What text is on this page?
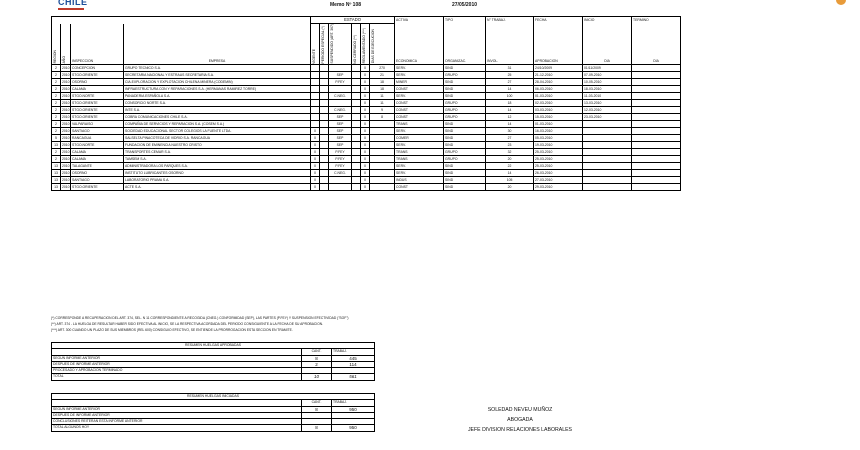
CHILE	Memo Nº 108	27/05/2010
				ESTADO						ACTIVA	TIPO	N° TRABAJ.	FECHA	INICIO	TERMINO	

REGION	AÑO	INSPECCION	EMPRESA	VIGENTE	PERIODO ESPECIAL (*)	SUSPENDIDO (ART. 367)	NO CERRADO (**)	REGLAMENTADO (***)	DIAS DE EJECUCION	ECONOMICA	ORGANIZAC.	INVOL.	APROBACION	DIA	DIA	
2	2010	CONCEPCION	GRUPO TECNICO S.A.					X	270	SERV.	SIND	31	24/10/2009	01/11/2009		
2	2010	STGO.ORIENTE	SECRETARIA NACIONAL Y ESTRAUS SECRETARIA S.A.			SEP		X	21	SERV.	GRUPO	25	21-12-2010	07-09-2010		
2	2010	OSORNO	CIA.EXPLORACION Y EXPLOTACION CHILENA MINERA (CODEMIN)			P.FEY		X	18	MINER	SIND	27	28-04-2010	10-05-2010		
2	2010	CALAMA	INFRAESTRUCTURA CON Y REPARACIONES S.A. (HERMANAS RAMIREZ TORRE)					X	18	CONST	SIND	14	06-03-2010	18-03-2010		
2	2010	STGO.NORTE	PANADERIA ESPAÑOLA S.A.			C.NEG.		X	11	SERV.	SIND	100	01-03-2010	11-03-2010		
2	2010	STGO.ORIENTE	CONSORCIO NORTE S.A.					X	11	CONST	GRUPO	18	02-03-2010	13-03-2010		
2	2010	STGO.ORIENTE	INTE S.A.			C.NEG.		X	9	CONST	GRUPO	14	03-03-2010	12-03-2010		
2	2010	STGO.ORIENTE	COBRA COMUNICACIONES CHILE S.A.			SEP		X	8	CONST	GRUPO	12	15-03-2010	23-03-2010		
2	2010	VALPARAISO	COMPAÑIA DE SERVICIOS Y REPARACION S.A. (COSEM S.A.)			SEP		X		TRANS	SIND	14	01-03-2010			
2	2010	SANTIAGO	SOCIEDAD EDUCACIONAL SECTOR COLEGIOS LA FUENTE LTDA.	X		SEP		X		SERV.	SIND	30	16-03-2010			
5	2010	RANCAGUA	SALSELTA PINACOTECA DE VIDRIO S.A. RANCAGUA	X		SEP		X		COMER	SIND	27	05-03-2010			
13	2010	STGO.NORTE	FUNDACION DE EMINENCIA NUESTRO CRISTO	X		SEP		X		SERV.	SIND	23	19-03-2010			
2	2010	CALAMA	TRANSPORTES CEMAR S.A.	X		P.FEY		X		TRANS	GRUPO	32	25-03-2010			
2	2010	CALAMA	TAMSEM S.A.	X		P.FEY		X		TRANS	GRUPO	20	25-03-2010			
13	2010	TALAGANTE	ADMINISTRADORA LOS PARQUES S.A.	X		P.FEY		X		SERV.	SIND	22	25-03-2010			
13	2010	OSORNO	INSTITUTO LUBRICANTES OSORNO	X		C.NEG.		X		SERV.	SIND	14	26-03-2010			
13	2010	SANTIAGO	LABORATORIO PRAMA S.A.	X				X		INDUS	SIND	105	27-03-2010			
13	2010	STGO.ORIENTE	ACTE S.A.	X				X		CONST	SIND	20	29-03-2010			
(*) CORRESPONDE A RECUPERACION DEL ART. 374, SEL. N 11 CORRESPONDIENTE A RECOGIDA (CNEG.) CONFORMIDAD (SEP), LAS PARTES (P.FEY) Y SUSPENSION EFECTIVIDAD ("SOF")
(**) ART. 374 - LA HUELGA DE RESULTAR HABER SIDO EFECTIVA AL INICIO, SE LA RESPECTIVA ACORDADA DEL PERIODO CONSIGUIENTE A LA FECHA DE SU APROBACION.
(***) ART. 300 CUANDO UN PLAZO DE SUS MIEMBROS (REL 600) CONSIGUIO EFECTIVO, SE ENTIENDE LA PRORROGACION ESTA SECCION EN TRAMITE.
RESUMEN HUELGAS APROBADAS		
	CANT.	TRABAJ.
SEGUN INFORME ANTERIOR	8	445
DESPUES DE INFORME ANTERIOR	2	114
PROCESADO Y APROBACION TERMINADO		
TOTAL	10	561
RESUMEN HUELGAS INICIADAS		
	CANT.	TRABAJ.
SEGUN INFORME ANTERIOR	8	950
DESPUES DE INFORME ANTERIOR		
CONCLUSIONES REITERAN ESTA INFORME ANTERIOR		
TOTAL ALGUNOS HOY	8	950
SOLEDAD NEVEU MUÑOZ
ABOGADA
JEFE DIVISION RELACIONES LABORALES
